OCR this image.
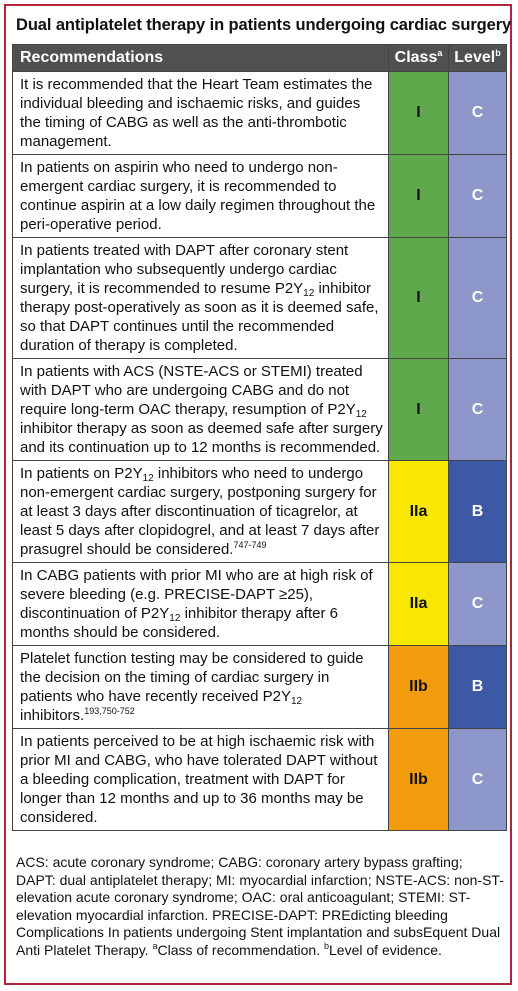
Dual antiplatelet therapy in patients undergoing cardiac surgery
Recommendations	Class$^a$	Level$^b$
It is recommended that the Heart Team estimates the individual bleeding and ischaemic risks, and guides the timing of CABG as well as the anti-thrombotic management.	I	C
In patients on aspirin who need to undergo non-emergent cardiac surgery, it is recommended to continue aspirin at a low daily regimen throughout the peri-operative period.	I	C
In patients treated with DAPT after coronary stent implantation who subsequently undergo cardiac surgery, it is recommended to resume $P2Y_{12}$ inhibitor therapy post-operatively as soon as it is deemed safe, so that DAPT continues until the recommended duration of therapy is completed.	I	C
In patients with ACS (NSTE-ACS or STEMI) treated with DAPT who are undergoing CABG and do not require long-term OAC therapy, resumption of $P2Y_{12}$ inhibitor therapy as soon as deemed safe after surgery and its continuation up to 12 months is recommended.	I	C
In patients on $P2Y_{12}$ inhibitors who need to undergo non-emergent cardiac surgery, postponing surgery for at least 3 days after discontinuation of ticagrelor, at least 5 days after clopidogrel, and at least 7 days after prasugrel should be considered.$^{747-749}$	IIa	B
In CABG patients with prior MI who are at high risk of severe bleeding (e.g. PRECISE-DAPT ≥25), discontinuation of $P2Y_{12}$ inhibitor therapy after 6 months should be considered.	IIa	C
Platelet function testing may be considered to guide the decision on the timing of cardiac surgery in patients who have recently received $P2Y_{12}$ inhibitors.$^{193,750-752}$	IIb	B
In patients perceived to be at high ischaemic risk with prior MI and CABG, who have tolerated DAPT without a bleeding complication, treatment with DAPT for longer than 12 months and up to 36 months may be considered.	IIb	C
ACS: acute coronary syndrome; CABG: coronary artery bypass grafting; DAPT: dual antiplatelet therapy; MI: myocardial infarction; NSTE-ACS: non-ST-elevation acute coronary syndrome; OAC: oral anticoagulant; STEMI: ST-elevation myocardial infarction. PRECISE-DAPT: PREdicting bleeding Complications In patients undergoing Stent implantation and subsEquent Dual Anti Platelet Therapy. $^a$Class of recommendation. $^b$Level of evidence.
